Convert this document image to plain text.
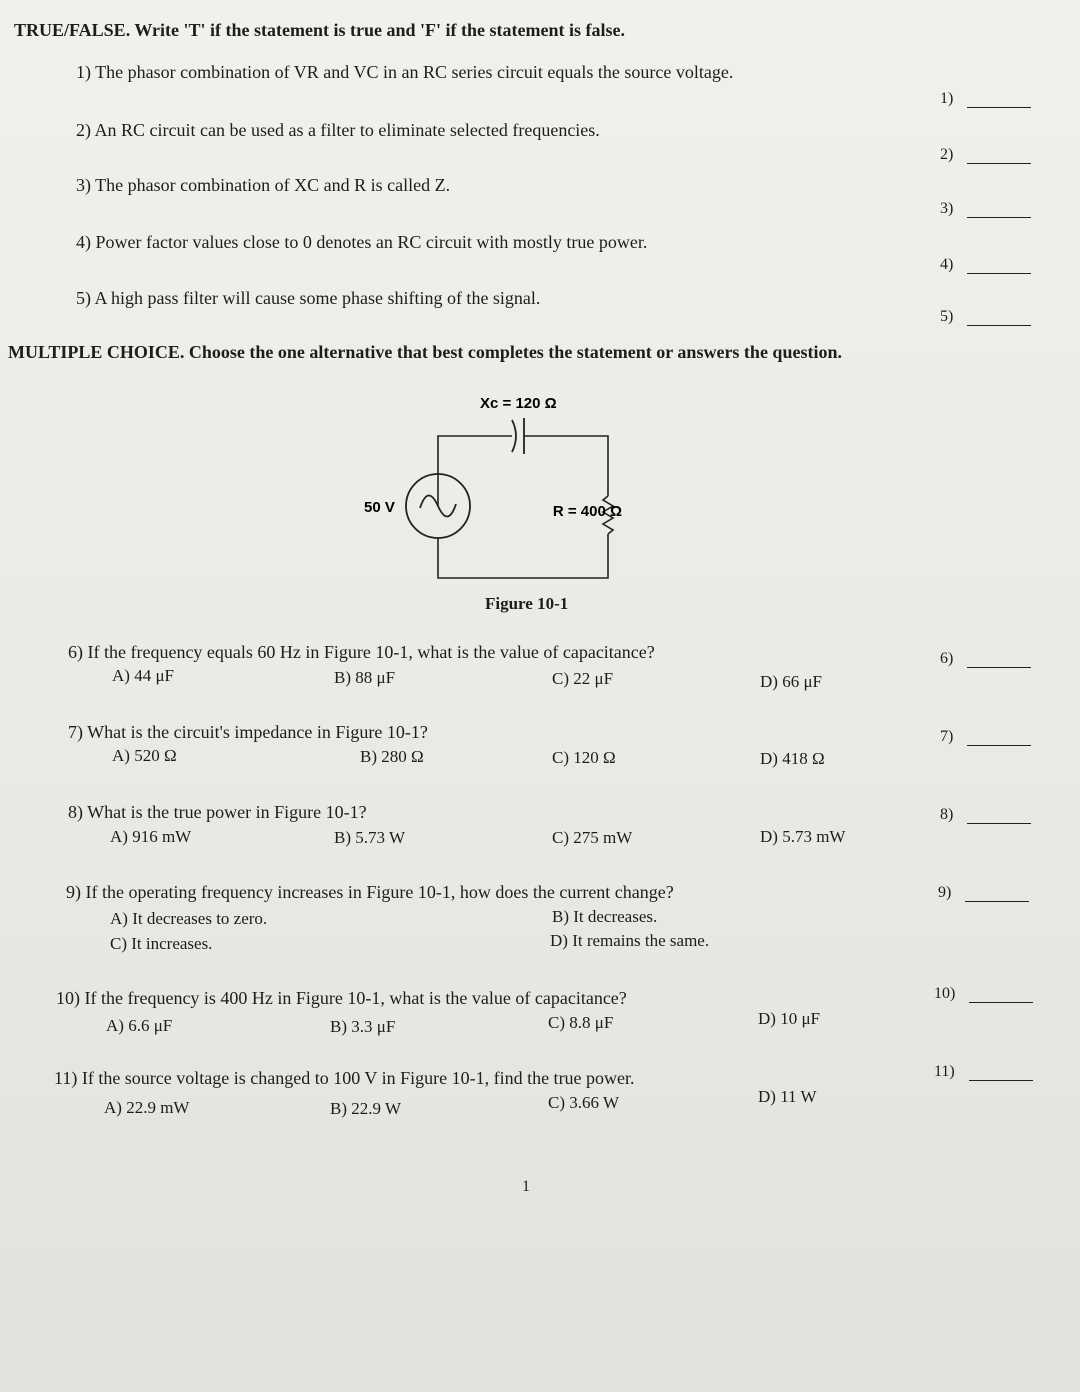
TRUE/FALSE. Write 'T' if the statement is true and 'F' if the statement is false.
1) The phasor combination of VR and VC in an RC series circuit equals the source voltage.
1)
2) An RC circuit can be used as a filter to eliminate selected frequencies.
2)
3) The phasor combination of XC and R is called Z.
3)
4) Power factor values close to 0 denotes an RC circuit with mostly true power.
4)
5) A high pass filter will cause some phase shifting of the signal.
5)
MULTIPLE CHOICE. Choose the one alternative that best completes the statement or answers the question.
Xc = 120 Ω
50 V	R = 400 Ω
Figure 10-1
6) If the frequency equals 60 Hz in Figure 10-1, what is the value of capacitance?
A) 44 μF	B) 88 μF	C) 22 μF	D) 66 μF
6)
7) What is the circuit's impedance in Figure 10-1?
A) 520 Ω	B) 280 Ω	C) 120 Ω	D) 418 Ω
7)
8) What is the true power in Figure 10-1?
A) 916 mW	B) 5.73 W	C) 275 mW	D) 5.73 mW
8)
9) If the operating frequency increases in Figure 10-1, how does the current change?
A) It decreases to zero.	B) It decreases.
C) It increases.	D) It remains the same.
9)
10) If the frequency is 400 Hz in Figure 10-1, what is the value of capacitance?
A) 6.6 μF	B) 3.3 μF	C) 8.8 μF	D) 10 μF
10)
11) If the source voltage is changed to 100 V in Figure 10-1, find the true power.
A) 22.9 mW	B) 22.9 W	C) 3.66 W	D) 11 W
11)
1
